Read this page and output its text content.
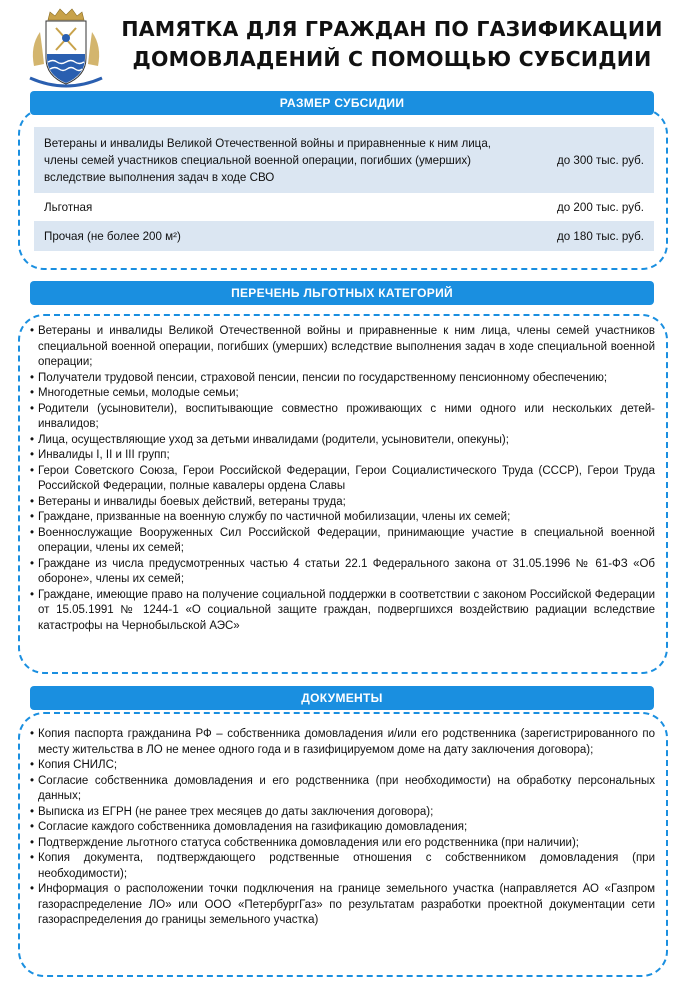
ПАМЯТКА ДЛЯ ГРАЖДАН ПО ГАЗИФИКАЦИИ
ДОМОВЛАДЕНИЙ С ПОМОЩЬЮ СУБСИДИИ
РАЗМЕР СУБСИДИИ
Ветераны и инвалиды Великой Отечественной войны и приравненные к ним лица, члены семей участников специальной военной операции, погибших (умерших) вследствие выполнения задач в ходе СВО
до 300 тыс. руб.
Льготная	до 200 тыс. руб.
Прочая (не более 200 м²)	до 180 тыс. руб.
ПЕРЕЧЕНЬ ЛЬГОТНЫХ КАТЕГОРИЙ
• Ветераны и инвалиды Великой Отечественной войны и приравненные к ним лица, члены семей участников специальной военной операции, погибших (умерших) вследствие выполнения задач в ходе специальной военной операции;
• Получатели трудовой пенсии, страховой пенсии, пенсии по государственному пенсионному обеспечению;
• Многодетные семьи, молодые семьи;
• Родители (усыновители), воспитывающие совместно проживающих с ними одного или нескольких детей-инвалидов;
• Лица, осуществляющие уход за детьми инвалидами (родители, усыновители, опекуны);
• Инвалиды I, II и III групп;
• Герои Советского Союза, Герои Российской Федерации, Герои Социалистического Труда (СССР), Герои Труда Российской Федерации, полные кавалеры ордена Славы
• Ветераны и инвалиды боевых действий, ветераны труда;
• Граждане, призванные на военную службу по частичной мобилизации, члены их семей;
• Военнослужащие Вооруженных Сил Российской Федерации, принимающие участие в специальной военной операции, члены их семей;
• Граждане из числа предусмотренных частью 4 статьи 22.1 Федерального закона от 31.05.1996 № 61-ФЗ «Об обороне», члены их семей;
• Граждане, имеющие право на получение социальной поддержки в соответствии с законом Российской Федерации от 15.05.1991 № 1244-1 «О социальной защите граждан, подвергшихся воздействию радиации вследствие катастрофы на Чернобыльской АЭС»
ДОКУМЕНТЫ
• Копия паспорта гражданина РФ – собственника домовладения и/или его родственника (зарегистрированного по месту жительства в ЛО не менее одного года и в газифицируемом доме на дату заключения договора);
• Копия СНИЛС;
• Согласие собственника домовладения и его родственника (при необходимости) на обработку персональных данных;
• Выписка из ЕГРН (не ранее трех месяцев до даты заключения договора);
• Согласие каждого собственника домовладения на газификацию домовладения;
• Подтверждение льготного статуса собственника домовладения или его родственника (при наличии);
• Копия документа, подтверждающего родственные отношения с собственником домовладения (при необходимости);
• Информация о расположении точки подключения на границе земельного участка (направляется АО «Газпром газораспределение ЛО» или ООО «ПетербургГаз» по результатам разработки проектной документации сети газораспределения до границы земельного участка)
